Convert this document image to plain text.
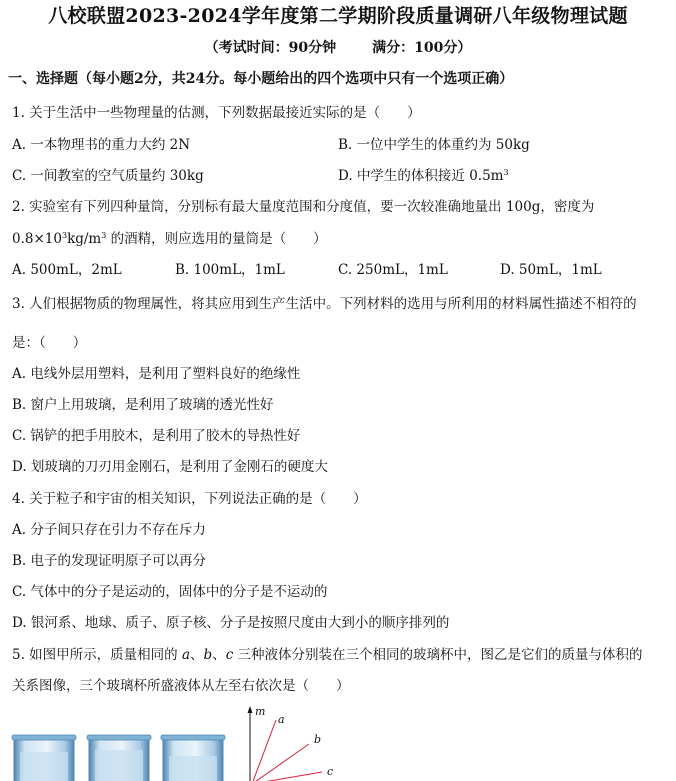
八校联盟2023-2024学年度第二学期阶段质量调研八年级物理试题
（考试时间：90分钟	满分：100分）
一、选择题（每小题2分，共24分。每小题给出的四个选项中只有一个选项正确）
1. 关于生活中一些物理量的估测，下列数据最接近实际的是（　　）
A. 一本物理书的重力大约 2N	B. 一位中学生的体重约为 50kg
C. 一间教室的空气质量约 30kg	D. 中学生的体积接近 $0.5m^3$
2. 实验室有下列四种量筒，分别标有最大量度范围和分度值，要一次较准确地量出 100g，密度为
$0.8\times 10^3kg/m^3$ 的酒精，则应选用的量筒是（　　）
A. 500mL，2mL	B. 100mL，1mL	C. 250mL，1mL	D. 50mL，1mL
3. 人们根据物质的物理属性，将其应用到生产生活中。下列材料的选用与所利用的材料属性描述不相符的
是：（　　）
A. 电线外层用塑料，是利用了塑料良好的绝缘性
B. 窗户上用玻璃，是利用了玻璃的透光性好
C. 锅铲的把手用胶木，是利用了胶木的导热性好
D. 划玻璃的刀刃用金刚石，是利用了金刚石的硬度大
4. 关于粒子和宇宙的相关知识，下列说法正确的是（　　）
A. 分子间只存在引力不存在斥力
B. 电子的发现证明原子可以再分
C. 气体中的分子是运动的，固体中的分子是不运动的
D. 银河系、地球、质子、原子核、分子是按照尺度由大到小的顺序排列的
5. 如图甲所示，质量相同的 a、b、c 三种液体分别装在三个相同的玻璃杯中，图乙是它们的质量与体积的
关系图像，三个玻璃杯所盛液体从左至右依次是（　　）
m
a
b
c
